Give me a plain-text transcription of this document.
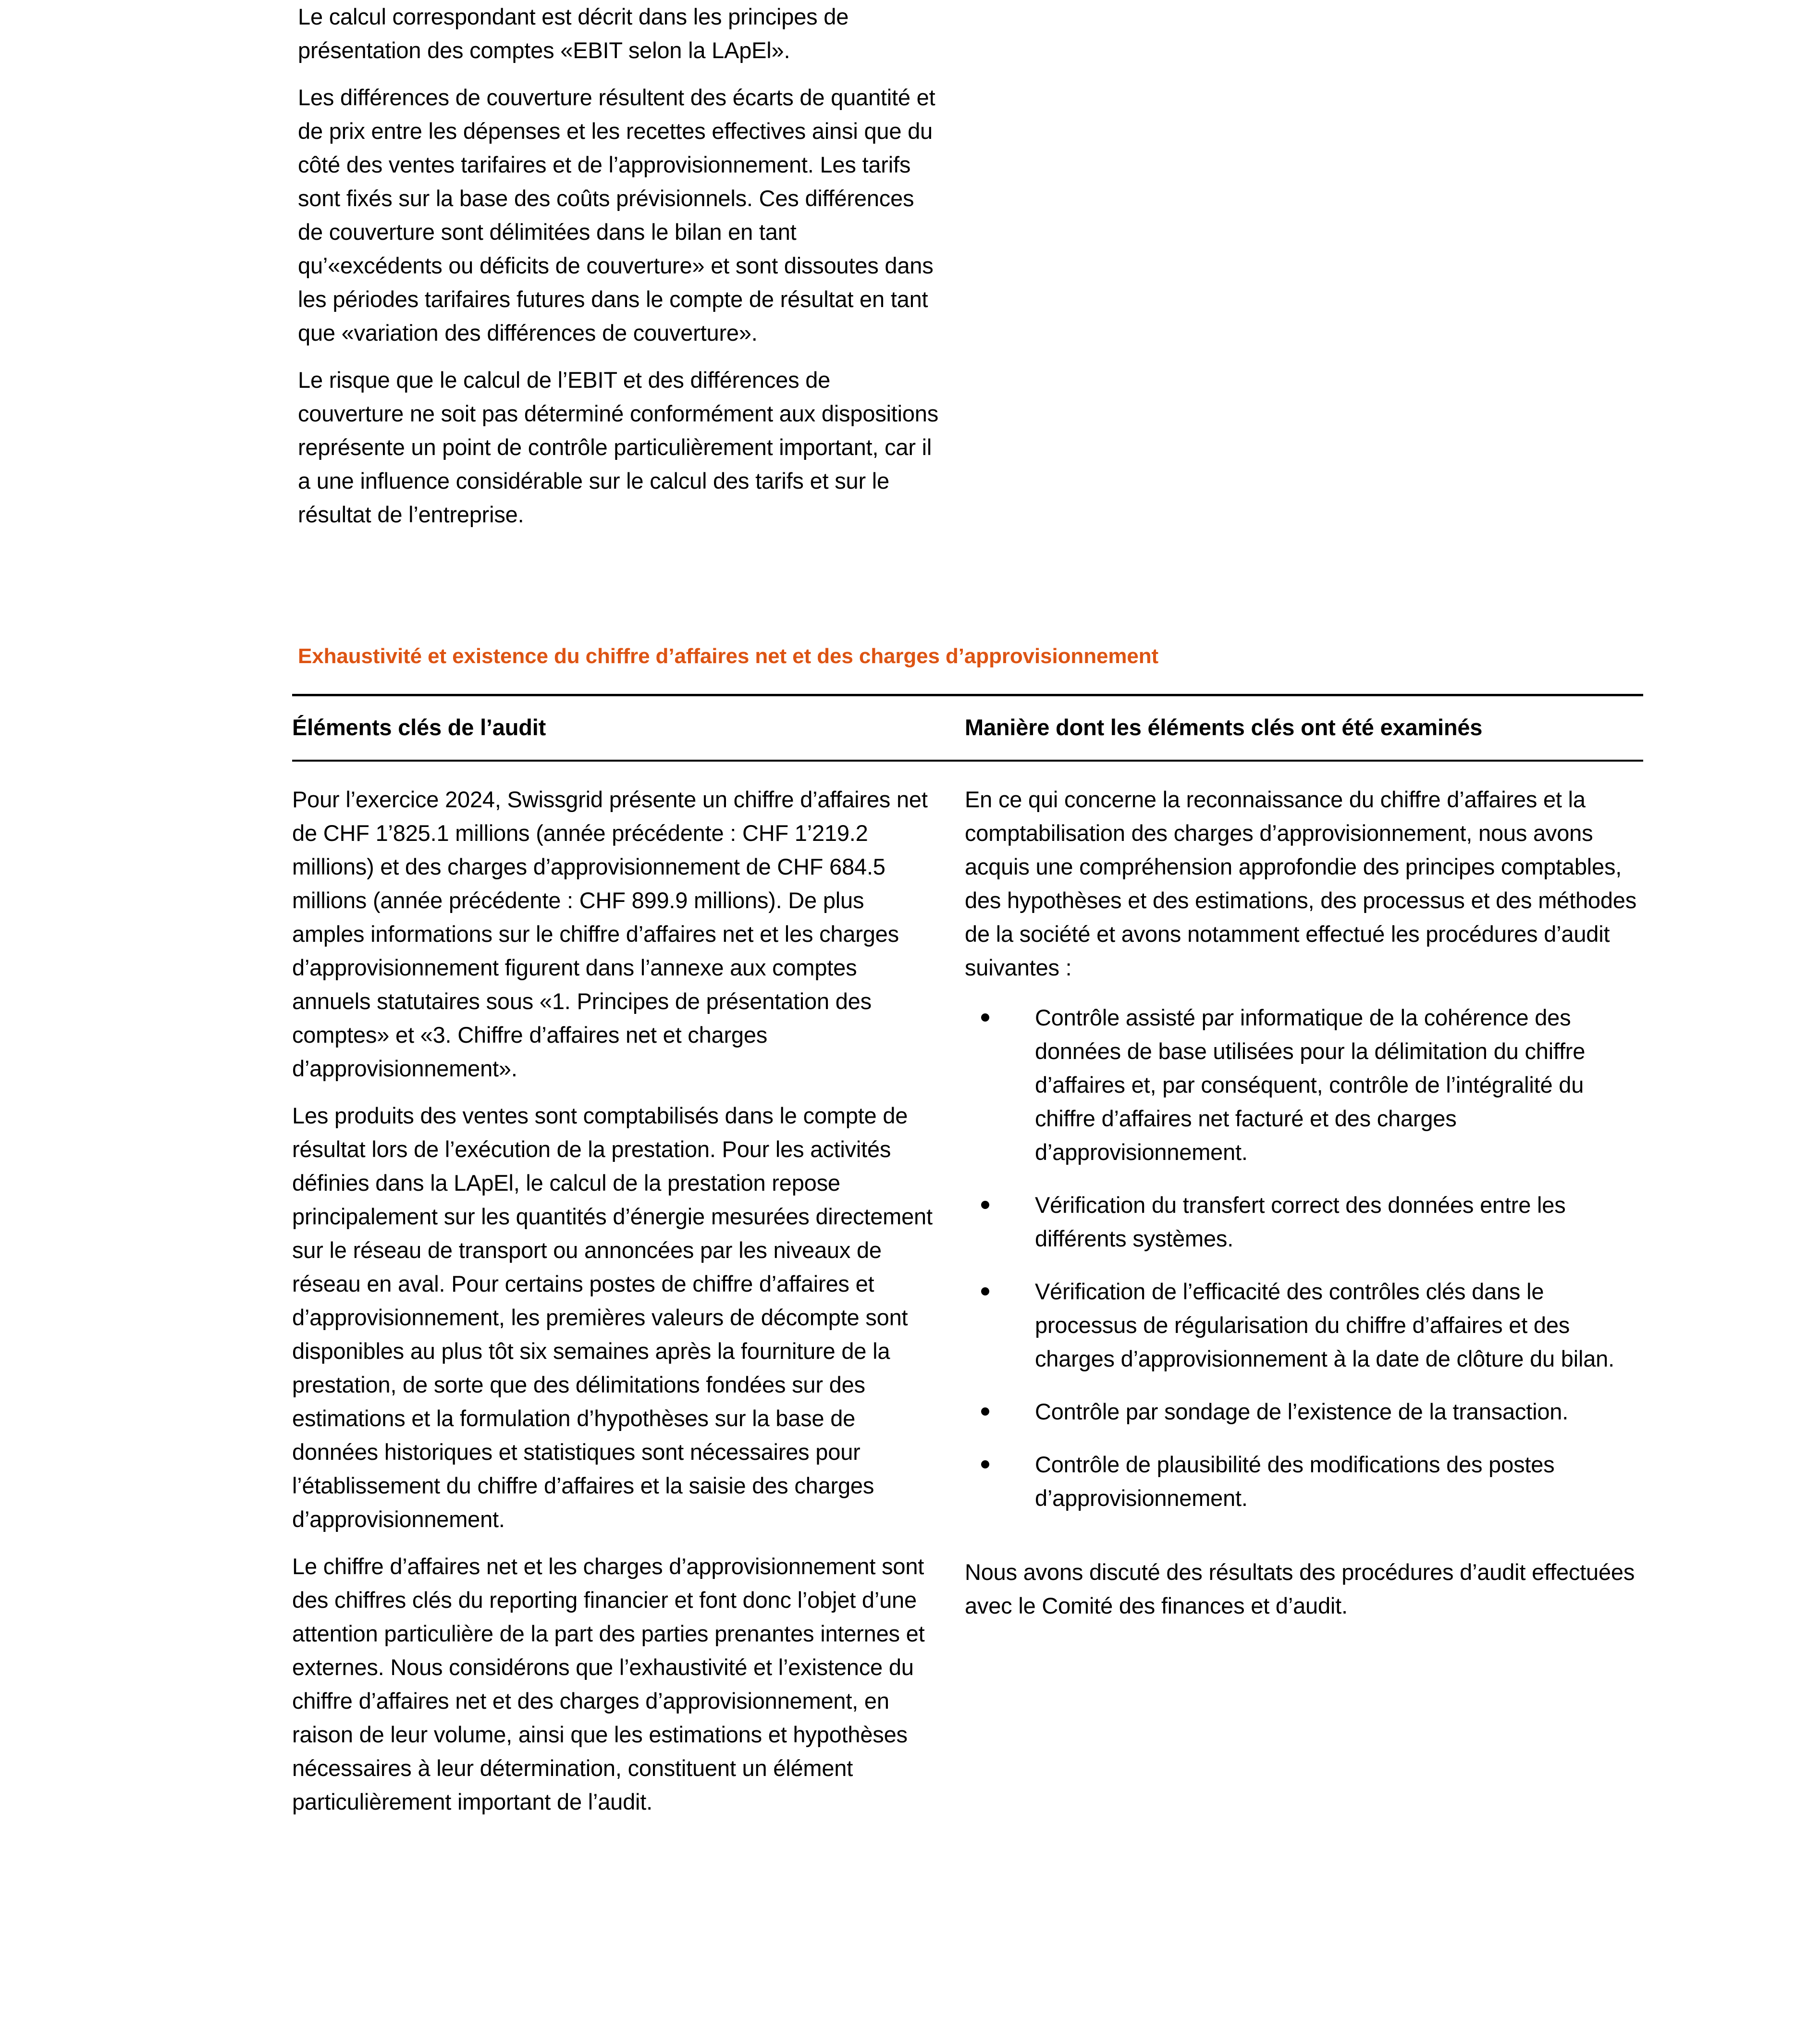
Le calcul correspondant est décrit dans les principes de présentation des comptes «EBIT selon la LApEl».

Les différences de couverture résultent des écarts de quantité et de prix entre les dépenses et les recettes effectives ainsi que du côté des ventes tarifaires et de l’approvisionnement. Les tarifs sont fixés sur la base des coûts prévisionnels. Ces différences de couverture sont délimitées dans le bilan en tant qu’«excédents ou déficits de couverture» et sont dissoutes dans les périodes tarifaires futures dans le compte de résultat en tant que «variation des différences de couverture».

Le risque que le calcul de l’EBIT et des différences de couverture ne soit pas déterminé conformément aux dispositions représente un point de contrôle particulièrement important, car il a une influence considérable sur le calcul des tarifs et sur le résultat de l’entreprise.

Exhaustivité et existence du chiffre d’affaires net et des charges d’approvisionnement
Éléments clés de l’audit	Manière dont les éléments clés ont été examinés

Pour l’exercice 2024, Swissgrid présente un chiffre d’affaires net de CHF 1’825.1 millions (année précédente : CHF 1’219.2 millions) et des charges d’approvisionnement de CHF 684.5 millions (année précédente : CHF 899.9 millions). De plus amples informations sur le chiffre d’affaires net et les charges d’approvisionnement figurent dans l’annexe aux comptes annuels statutaires sous «1. Principes de présentation des comptes» et «3. Chiffre d’affaires net et charges d’approvisionnement».

Les produits des ventes sont comptabilisés dans le compte de résultat lors de l’exécution de la prestation. Pour les activités définies dans la LApEl, le calcul de la prestation repose principalement sur les quantités d’énergie mesurées directement sur le réseau de transport ou annoncées par les niveaux de réseau en aval. Pour certains postes de chiffre d’affaires et d’approvisionnement, les premières valeurs de décompte sont disponibles au plus tôt six semaines après la fourniture de la prestation, de sorte que des délimitations fondées sur des estimations et la formulation d’hypothèses sur la base de données historiques et statistiques sont nécessaires pour l’établissement du chiffre d’affaires et la saisie des charges d’approvisionnement.

Le chiffre d’affaires net et les charges d’approvisionnement sont des chiffres clés du reporting financier et font donc l’objet d’une attention particulière de la part des parties prenantes internes et externes. Nous considérons que l’exhaustivité et l’existence du chiffre d’affaires net et des charges d’approvisionnement, en raison de leur volume, ainsi que les estimations et hypothèses nécessaires à leur détermination, constituent un élément particulièrement important de l’audit.

En ce qui concerne la reconnaissance du chiffre d’affaires et la comptabilisation des charges d’approvisionnement, nous avons acquis une compréhension approfondie des principes comptables, des hypothèses et des estimations, des processus et des méthodes de la société et avons notamment effectué les procédures d’audit suivantes :

Contrôle assisté par informatique de la cohérence des données de base utilisées pour la délimitation du chiffre d’affaires et, par conséquent, contrôle de l’intégralité du chiffre d’affaires net facturé et des charges d’approvisionnement.
Vérification du transfert correct des données entre les différents systèmes.
Vérification de l’efficacité des contrôles clés dans le processus de régularisation du chiffre d’affaires et des charges d’approvisionnement à la date de clôture du bilan.
Contrôle par sondage de l’existence de la transaction.
Contrôle de plausibilité des modifications des postes d’approvisionnement.

Nous avons discuté des résultats des procédures d’audit effectuées avec le Comité des finances et d’audit.
